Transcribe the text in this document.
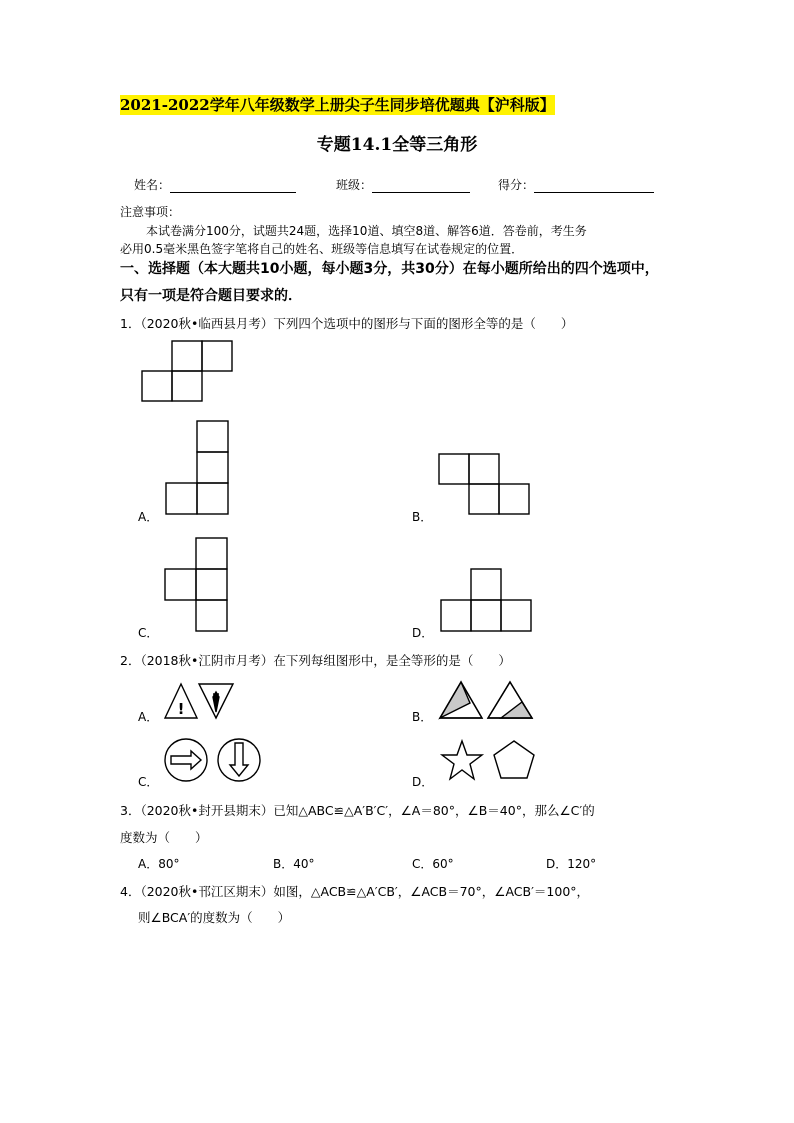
2021-2022学年八年级数学上册尖子生同步培优题典【沪科版】
专题14.1全等三角形
姓名：	班级：	得分：
注意事项：
本试卷满分100分，试题共24题，选择10道、填空8道、解答6道．答卷前，考生务
必用0.5毫米黑色签字笔将自己的姓名、班级等信息填写在试卷规定的位置．
一、选择题（本大题共10小题，每小题3分，共30分）在每小题所给出的四个选项中，
只有一项是符合题目要求的．
1．（2020秋•临西县月考）下列四个选项中的图形与下面的图形全等的是（　　）
A．	B．
C．	D．
2．（2018秋•江阴市月考）在下列每组图形中，是全等形的是（　　）
A． !	B．
C．	D．
3．（2020秋•封开县期末）已知△ABC≌△A′B′C′，∠A＝80°，∠B＝40°，那么∠C′的
度数为（　　）
A．80°	B．40°	C．60°	D．120°
4．（2020秋•邗江区期末）如图，△ACB≌△A′CB′，∠ACB＝70°，∠ACB′＝100°，
则∠BCA′的度数为（　　）
